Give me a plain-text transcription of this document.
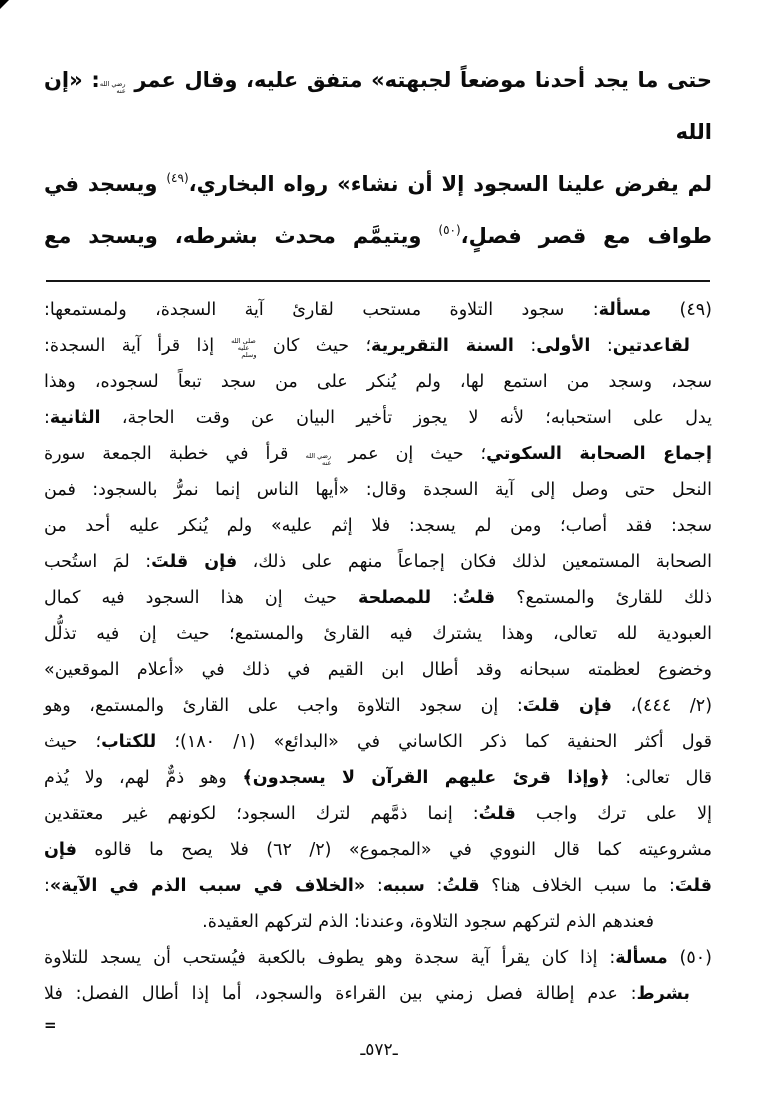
حتى ما يجد أحدنا موضعاً لجبهته» متفق عليه، وقال عمر رضي الله عنه: «إن الله
لم يفرض علينا السجود إلا أن نشاء» رواه البخاري،$^{(٤٩)}$ ويسجد في
طواف مع قصر فصلٍ،$^{(٥٠)}$ ويتيمَّم محدث بشرطه، ويسجد مع
(٤٩) مسألة: سجود التلاوة مستحب لقارئ آية السجدة، ولمستمعها:
لقاعدتين: الأولى: السنة التقريرية؛ حيث كان صلى الله عليه وسلم إذا قرأ آية السجدة:
سجد، وسجد من استمع لها، ولم يُنكر على من سجد تبعاً لسجوده، وهذا
يدل على استحبابه؛ لأنه لا يجوز تأخير البيان عن وقت الحاجة، الثانية:
إجماع الصحابة السكوتي؛ حيث إن عمر رضي الله عنه قرأ في خطبة الجمعة سورة
النحل حتى وصل إلى آية السجدة وقال: «أيها الناس إنما نمرُّ بالسجود: فمن
سجد: فقد أصاب؛ ومن لم يسجد: فلا إثم عليه» ولم يُنكر عليه أحد من
الصحابة المستمعين لذلك فكان إجماعاً منهم على ذلك، فإن قلتَ: لمَ استُحب
ذلك للقارئ والمستمع؟ قلتُ: للمصلحة حيث إن هذا السجود فيه كمال
العبودية لله تعالى، وهذا يشترك فيه القارئ والمستمع؛ حيث إن فيه تذلُّل
وخضوع لعظمته سبحانه وقد أطال ابن القيم في ذلك في «أعلام الموقعين»
(٢/ ٤٤٤)، فإن قلتَ: إن سجود التلاوة واجب على القارئ والمستمع، وهو
قول أكثر الحنفية كما ذكر الكاساني في «البدائع» (١/ ١٨٠)؛ للكتاب؛ حيث
قال تعالى: ﴿وإذا قرئ عليهم القرآن لا يسجدون﴾ وهو ذمٌّ لهم، ولا يُذم
إلا على ترك واجب قلتُ: إنما ذمَّهم لترك السجود؛ لكونهم غير معتقدين
مشروعيته كما قال النووي في «المجموع» (٢/ ٦٢) فلا يصح ما قالوه فإن
قلتَ: ما سبب الخلاف هنا؟ قلتُ: سببه: «الخلاف في سبب الذم في الآية»:
فعندهم الذم لتركهم سجود التلاوة، وعندنا: الذم لتركهم العقيدة.
(٥٠) مسألة: إذا كان يقرأ آية سجدة وهو يطوف بالكعبة فيُستحب أن يسجد للتلاوة
بشرط: عدم إطالة فصل زمني بين القراءة والسجود، أما إذا أطال الفصل: فلا
=
ـ٥٧٢ـ
